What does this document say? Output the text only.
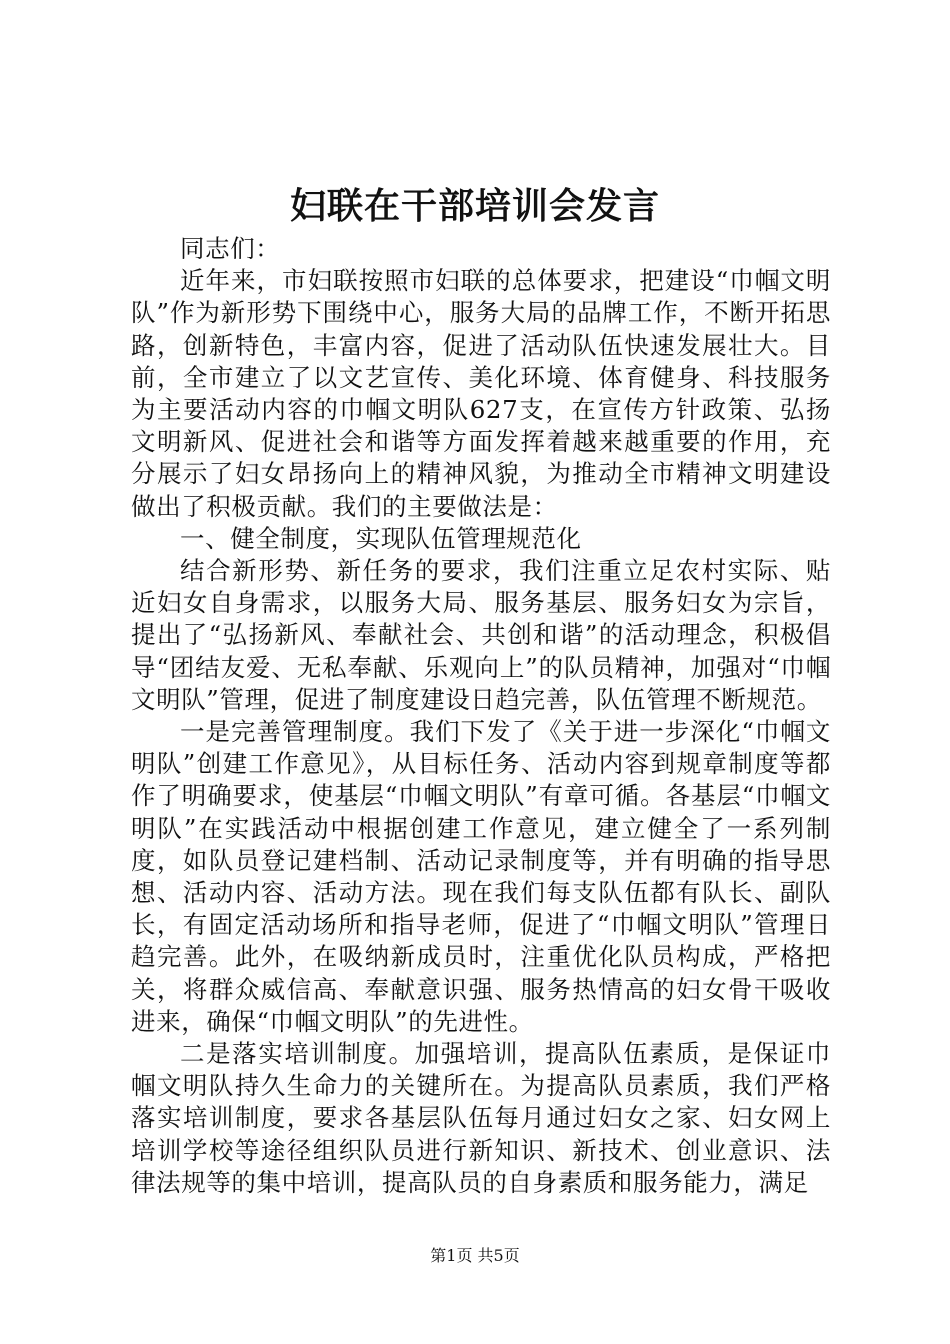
妇联在干部培训会发言

同志们：

近年来，市妇联按照市妇联的总体要求，把建设“巾帼文明队”作为新形势下围绕中心，服务大局的品牌工作，不断开拓思路，创新特色，丰富内容，促进了活动队伍快速发展壮大。目前，全市建立了以文艺宣传、美化环境、体育健身、科技服务为主要活动内容的巾帼文明队627支，在宣传方针政策、弘扬文明新风、促进社会和谐等方面发挥着越来越重要的作用，充分展示了妇女昂扬向上的精神风貌，为推动全市精神文明建设做出了积极贡献。我们的主要做法是：

一、健全制度，实现队伍管理规范化

结合新形势、新任务的要求，我们注重立足农村实际、贴近妇女自身需求，以服务大局、服务基层、服务妇女为宗旨，提出了“弘扬新风、奉献社会、共创和谐”的活动理念，积极倡导“团结友爱、无私奉献、乐观向上”的队员精神，加强对“巾帼文明队”管理，促进了制度建设日趋完善，队伍管理不断规范。

一是完善管理制度。我们下发了《关于进一步深化“巾帼文明队”创建工作意见》，从目标任务、活动内容到规章制度等都作了明确要求，使基层“巾帼文明队”有章可循。各基层“巾帼文明队”在实践活动中根据创建工作意见，建立健全了一系列制度，如队员登记建档制、活动记录制度等，并有明确的指导思想、活动内容、活动方法。现在我们每支队伍都有队长、副队长，有固定活动场所和指导老师，促进了“巾帼文明队”管理日趋完善。此外，在吸纳新成员时，注重优化队员构成，严格把关，将群众威信高、奉献意识强、服务热情高的妇女骨干吸收进来，确保“巾帼文明队”的先进性。

二是落实培训制度。加强培训，提高队伍素质，是保证巾帼文明队持久生命力的关键所在。为提高队员素质，我们严格落实培训制度，要求各基层队伍每月通过妇女之家、妇女网上培训学校等途径组织队员进行新知识、新技术、创业意识、法律法规等的集中培训，提高队员的自身素质和服务能力，满足

第1页 共5页
